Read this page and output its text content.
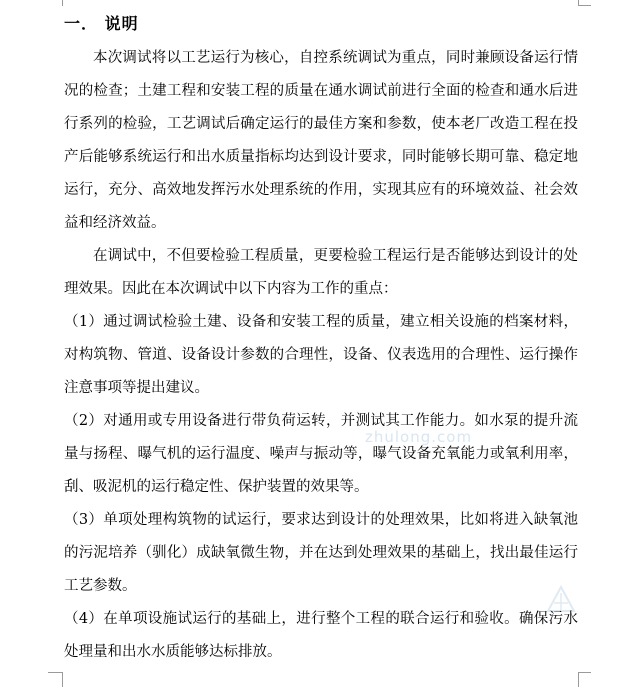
zhulong.com
一． 说明

本次调试将以工艺运行为核心，自控系统调试为重点，同时兼顾设备运行情况的检查；土建工程和安装工程的质量在通水调试前进行全面的检查和通水后进行系列的检验，工艺调试后确定运行的最佳方案和参数，使本老厂改造工程在投产后能够系统运行和出水质量指标均达到设计要求，同时能够长期可靠、稳定地运行，充分、高效地发挥污水处理系统的作用，实现其应有的环境效益、社会效益和经济效益。

在调试中，不但要检验工程质量，更要检验工程运行是否能够达到设计的处理效果。因此在本次调试中以下内容为工作的重点：

（1）通过调试检验土建、设备和安装工程的质量，建立相关设施的档案材料，对构筑物、管道、设备设计参数的合理性，设备、仪表选用的合理性、运行操作注意事项等提出建议。

（2）对通用或专用设备进行带负荷运转，并测试其工作能力。如水泵的提升流量与扬程、曝气机的运行温度、噪声与振动等，曝气设备充氧能力或氧利用率，刮、吸泥机的运行稳定性、保护装置的效果等。

（3）单项处理构筑物的试运行，要求达到设计的处理效果，比如将进入缺氧池的污泥培养（驯化）成缺氧微生物，并在达到处理效果的基础上，找出最佳运行工艺参数。

（4）在单项设施试运行的基础上，进行整个工程的联合运行和验收。确保污水处理量和出水水质能够达标排放。
